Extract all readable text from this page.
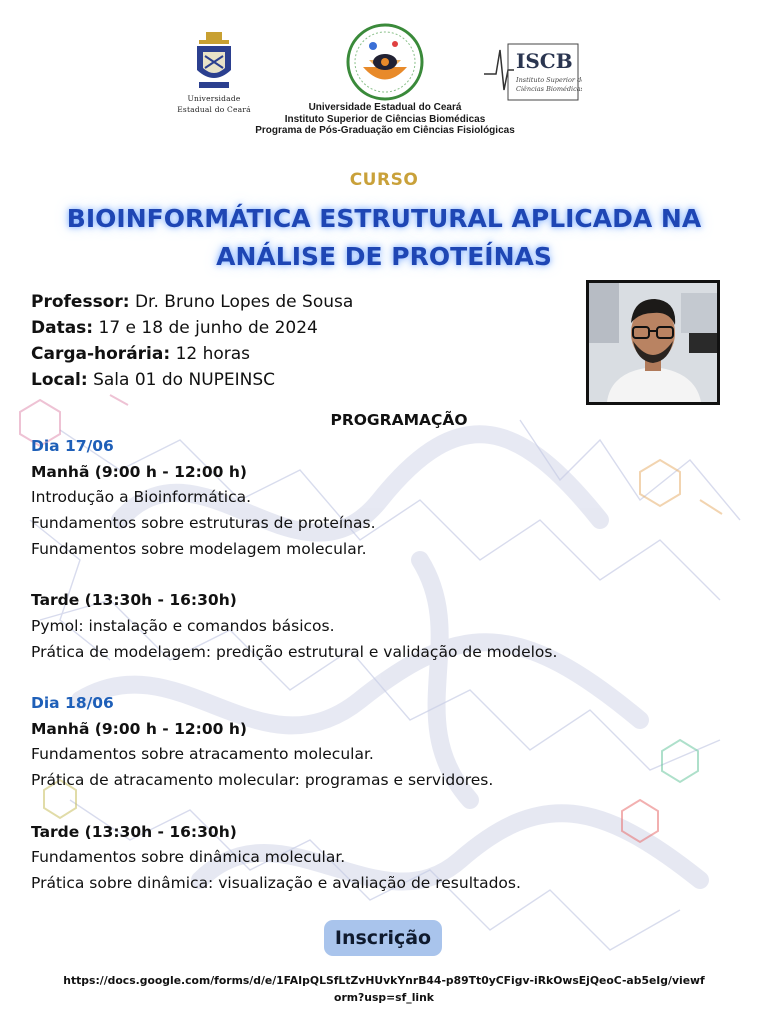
Universidade
Estadual do Ceará
ISCB
Instituto Superior de
Ciências Biomédicas
Universidade Estadual do Ceará
Instituto Superior de Ciências Biomédicas
Programa de Pós-Graduação em Ciências Fisiológicas
CURSO
BIOINFORMÁTICA ESTRUTURAL APLICADA NA
ANÁLISE DE PROTEÍNAS
Professor: Dr. Bruno Lopes de Sousa
Datas: 17 e 18 de junho de 2024
Carga-horária: 12 horas
Local: Sala 01 do NUPEINSC
PROGRAMAÇÃO
Dia 17/06
Manhã (9:00 h - 12:00 h)
Introdução a Bioinformática.
Fundamentos sobre estruturas de proteínas.
Fundamentos sobre modelagem molecular.
Tarde (13:30h - 16:30h)
Pymol: instalação e comandos básicos.
Prática de modelagem: predição estrutural e validação de modelos.
Dia 18/06
Manhã (9:00 h - 12:00 h)
Fundamentos sobre atracamento molecular.
Prática de atracamento molecular: programas e servidores.
Tarde (13:30h - 16:30h)
Fundamentos sobre dinâmica molecular.
Prática sobre dinâmica: visualização e avaliação de resultados.
Inscrição
https://docs.google.com/forms/d/e/1FAIpQLSfLtZvHUvkYnrB44-p89Tt0yCFigv-iRkOwsEjQeoC-ab5eIg/viewform?usp=sf_link
